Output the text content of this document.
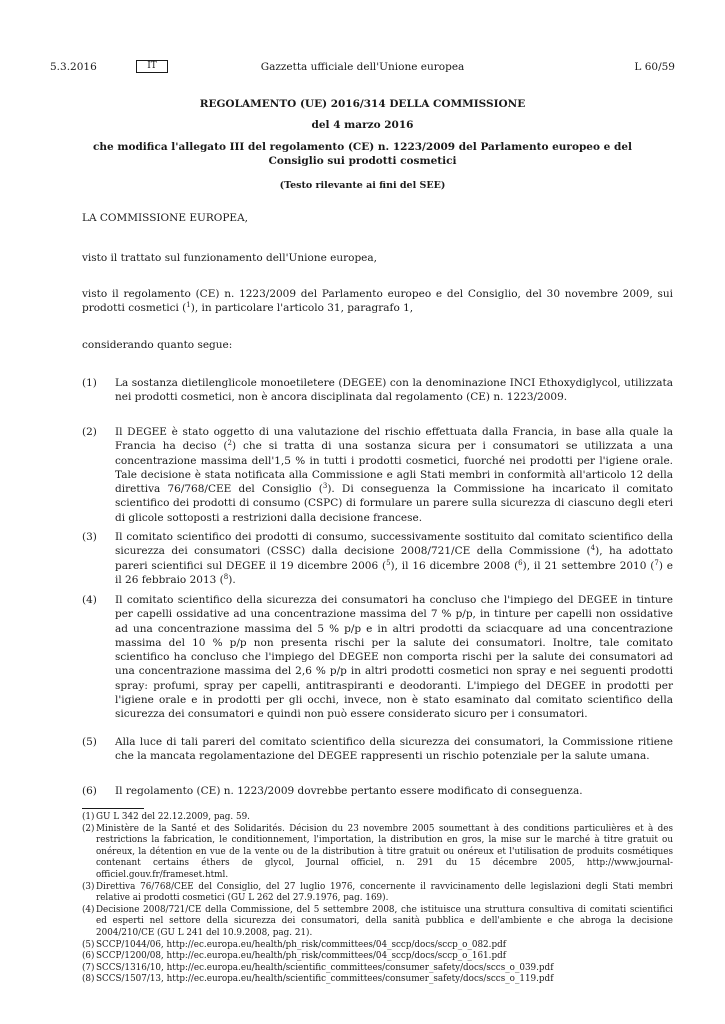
Gazzetta ufficiale dell'Unione europea
5.3.2016	IT	L 60/59
REGOLAMENTO (UE) 2016/314 DELLA COMMISSIONE
del 4 marzo 2016
che modifica l'allegato III del regolamento (CE) n. 1223/2009 del Parlamento europeo e del Consiglio sui prodotti cosmetici
(Testo rilevante ai fini del SEE)
LA COMMISSIONE EUROPEA,
visto il trattato sul funzionamento dell'Unione europea,
visto il regolamento (CE) n. 1223/2009 del Parlamento europeo e del Consiglio, del 30 novembre 2009, sui prodotti cosmetici ($^1$), in particolare l'articolo 31, paragrafo 1,
considerando quanto segue:
(1) La sostanza dietilenglicole monoetiletere (DEGEE) con la denominazione INCI Ethoxydiglycol, utilizzata nei prodotti cosmetici, non è ancora disciplinata dal regolamento (CE) n. 1223/2009.
(2) Il DEGEE è stato oggetto di una valutazione del rischio effettuata dalla Francia, in base alla quale la Francia ha deciso ($^2$) che si tratta di una sostanza sicura per i consumatori se utilizzata a una concentrazione massima dell'1,5 % in tutti i prodotti cosmetici, fuorché nei prodotti per l'igiene orale. Tale decisione è stata notificata alla Commissione e agli Stati membri in conformità all'articolo 12 della direttiva 76/768/CEE del Consiglio ($^3$). Di conseguenza la Commissione ha incaricato il comitato scientifico dei prodotti di consumo (CSPC) di formulare un parere sulla sicurezza di ciascuno degli eteri di glicole sottoposti a restrizioni dalla decisione francese.
(3) Il comitato scientifico dei prodotti di consumo, successivamente sostituito dal comitato scientifico della sicurezza dei consumatori (CSSC) dalla decisione 2008/721/CE della Commissione ($^4$), ha adottato pareri scientifici sul DEGEE il 19 dicembre 2006 ($^5$), il 16 dicembre 2008 ($^6$), il 21 settembre 2010 ($^7$) e il 26 febbraio 2013 ($^8$).
(4) Il comitato scientifico della sicurezza dei consumatori ha concluso che l'impiego del DEGEE in tinture per capelli ossidative ad una concentrazione massima del 7 % p/p, in tinture per capelli non ossidative ad una concentrazione massima del 5 % p/p e in altri prodotti da sciacquare ad una concentrazione massima del 10 % p/p non presenta rischi per la salute dei consumatori. Inoltre, tale comitato scientifico ha concluso che l'impiego del DEGEE non comporta rischi per la salute dei consumatori ad una concentrazione massima del 2,6 % p/p in altri prodotti cosmetici non spray e nei seguenti prodotti spray: profumi, spray per capelli, antitraspiranti e deodoranti. L'impiego del DEGEE in prodotti per l'igiene orale e in prodotti per gli occhi, invece, non è stato esaminato dal comitato scientifico della sicurezza dei consumatori e quindi non può essere considerato sicuro per i consumatori.
(5) Alla luce di tali pareri del comitato scientifico della sicurezza dei consumatori, la Commissione ritiene che la mancata regolamentazione del DEGEE rappresenti un rischio potenziale per la salute umana.
(6) Il regolamento (CE) n. 1223/2009 dovrebbe pertanto essere modificato di conseguenza.
(1) GU L 342 del 22.12.2009, pag. 59.
(2) Ministère de la Santé et des Solidarités. Décision du 23 novembre 2005 soumettant à des conditions particulières et à des restrictions la fabrication, le conditionnement, l'importation, la distribution en gros, la mise sur le marché à titre gratuit ou onéreux, la détention en vue de la vente ou de la distribution à titre gratuit ou onéreux et l'utilisation de produits cosmétiques contenant certains éthers de glycol, Journal officiel, n. 291 du 15 décembre 2005, http://www.journal-officiel.gouv.fr/frameset.html.
(3) Direttiva 76/768/CEE del Consiglio, del 27 luglio 1976, concernente il ravvicinamento delle legislazioni degli Stati membri relative ai prodotti cosmetici (GU L 262 del 27.9.1976, pag. 169).
(4) Decisione 2008/721/CE della Commissione, del 5 settembre 2008, che istituisce una struttura consultiva di comitati scientifici ed esperti nel settore della sicurezza dei consumatori, della sanità pubblica e dell'ambiente e che abroga la decisione 2004/210/CE (GU L 241 del 10.9.2008, pag. 21).
(5) SCCP/1044/06, http://ec.europa.eu/health/ph_risk/committees/04_sccp/docs/sccp_o_082.pdf
(6) SCCP/1200/08, http://ec.europa.eu/health/ph_risk/committees/04_sccp/docs/sccp_o_161.pdf
(7) SCCS/1316/10, http://ec.europa.eu/health/scientific_committees/consumer_safety/docs/sccs_o_039.pdf
(8) SCCS/1507/13, http://ec.europa.eu/health/scientific_committees/consumer_safety/docs/sccs_o_119.pdf
